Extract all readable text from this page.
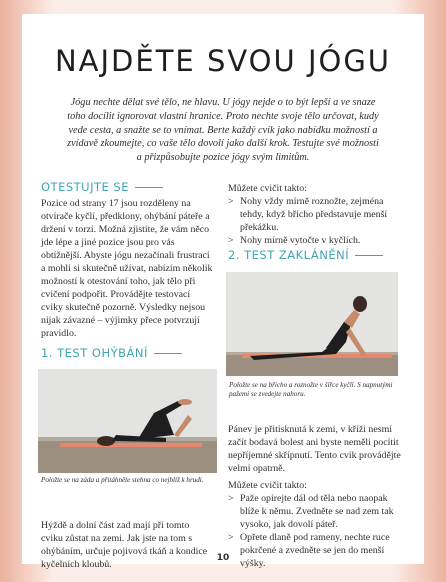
NAJDĚTE SVOU JÓGU

Jógu nechte dělat své tělo, ne hlavu. U jógy nejde o to být lepší a ve snaze toho docílit ignorovat vlastní hranice. Proto nechte svoje tělo určovat, kudy vede cesta, a snažte se to vnímat. Berte každý cvik jako nabídku možností a zvídavě zkoumejte, co vaše tělo dovolí jako další krok. Testujte své možnosti a přizpůsobujte pozice jógy svým limitům.

OTESTUJTE SE

Pozice od strany 17 jsou rozděleny na otvírače kyčlí, předklony, ohýbání páteře a držení v torzi. Možná zjistíte, že vám něco jde lépe a jiné pozice jsou pro vás obtížnější. Abyste jógu nezačínali frustrací a mohli si skutečně užívat, nabízím několik možností k otestování toho, jak tělo při cvičení podpořit. Provádějte testovací cviky skutečně pozorně. Výsledky nejsou nijak závazné – výjimky přece potvrzují pravidlo.

1. TEST OHÝBÁNÍ
Položte se na záda a přitáhněte stehna co nejblíž k hrudi.

Hýždě a dolní část zad mají při tomto cviku zůstat na zemi. Jak jste na tom s ohýbáním, určuje pojivová tkáň a kondice kyčelních kloubů.

Můžete cvičit takto:

> Nohy vždy mírně roznožte, zejména tehdy, když břicho představuje menší překážku.
> Nohy mírně vytočte v kyčlích.
2. TEST ZAKLÁNĚNÍ
Položte se na břicho a roznožte v šířce kyčlí. S napnutými pažemi se zvedejte nahoru.

Pánev je přitisknutá k zemi, v kříži nesmí začít bodavá bolest ani byste neměli pocítit nepříjemné skřípnutí. Tento cvik provádějte velmi opatrně.

Můžete cvičit takto:

> Paže opírejte dál od těla nebo naopak blíže k němu. Zvedněte se nad zem tak vysoko, jak dovolí páteř.
> Opřete dlaně pod rameny, nechte ruce pokrčené a zvedněte se jen do menší výšky.
10
